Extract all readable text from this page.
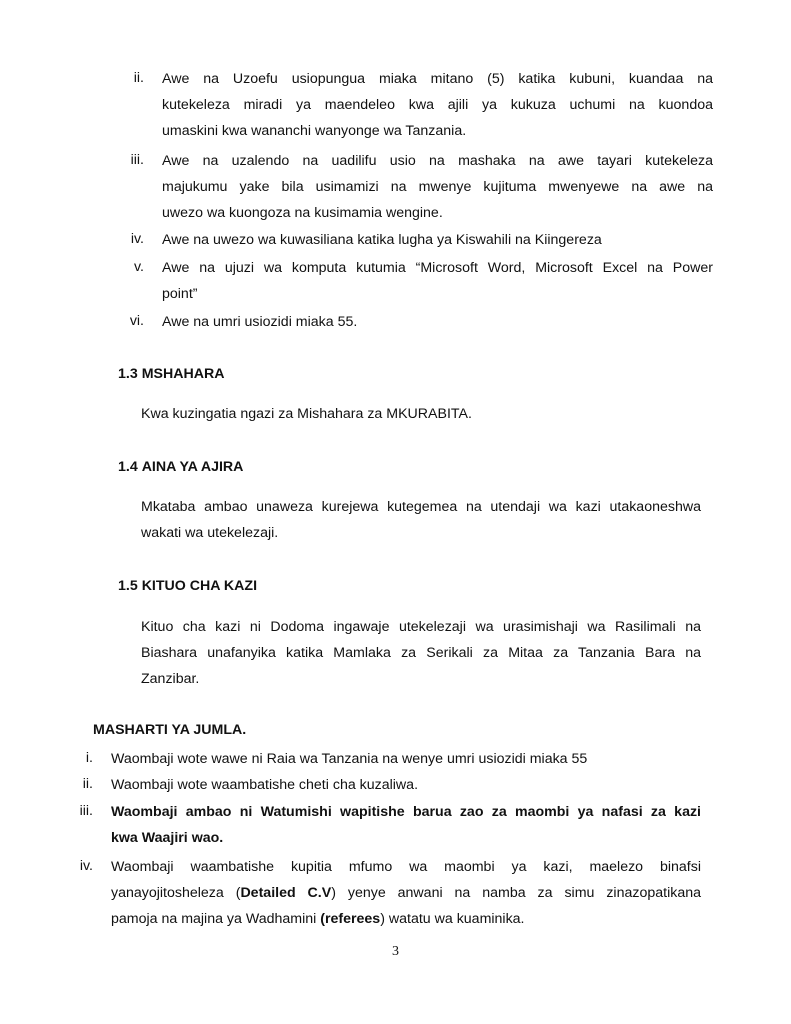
ii. Awe na Uzoefu usiopungua miaka mitano (5) katika kubuni, kuandaa na
kutekeleza miradi ya maendeleo kwa ajili ya kukuza uchumi na kuondoa
umaskini kwa wananchi wanyonge wa Tanzania.
iii. Awe na uzalendo na uadilifu usio na mashaka na awe tayari kutekeleza
majukumu yake bila usimamizi na mwenye kujituma mwenyewe na awe na
uwezo wa kuongoza na kusimamia wengine.
iv. Awe na uwezo wa kuwasiliana katika lugha ya Kiswahili na Kiingereza
v. Awe na ujuzi wa komputa kutumia “Microsoft Word, Microsoft Excel na Power
point”
vi. Awe na umri usiozidi miaka 55.
1.3 MSHAHARA
Kwa kuzingatia ngazi za Mishahara za MKURABITA.
1.4 AINA YA AJIRA
Mkataba ambao unaweza kurejewa kutegemea na utendaji wa kazi utakaoneshwa
wakati wa utekelezaji.
1.5 KITUO CHA KAZI
Kituo cha kazi ni Dodoma ingawaje utekelezaji wa urasimishaji wa Rasilimali na
Biashara unafanyika katika Mamlaka za Serikali za Mitaa za Tanzania Bara na
Zanzibar.
MASHARTI YA JUMLA.
i. Waombaji wote wawe ni Raia wa Tanzania na wenye umri usiozidi miaka 55
ii. Waombaji wote waambatishe cheti cha kuzaliwa.
iii. Waombaji ambao ni Watumishi wapitishe barua zao za maombi ya nafasi za kazi
kwa Waajiri wao.
iv. Waombaji waambatishe kupitia mfumo wa maombi ya kazi, maelezo binafsi
yanayojitosheleza (Detailed C.V) yenye anwani na namba za simu zinazopatikana
pamoja na majina ya Wadhamini (referees) watatu wa kuaminika.
3
